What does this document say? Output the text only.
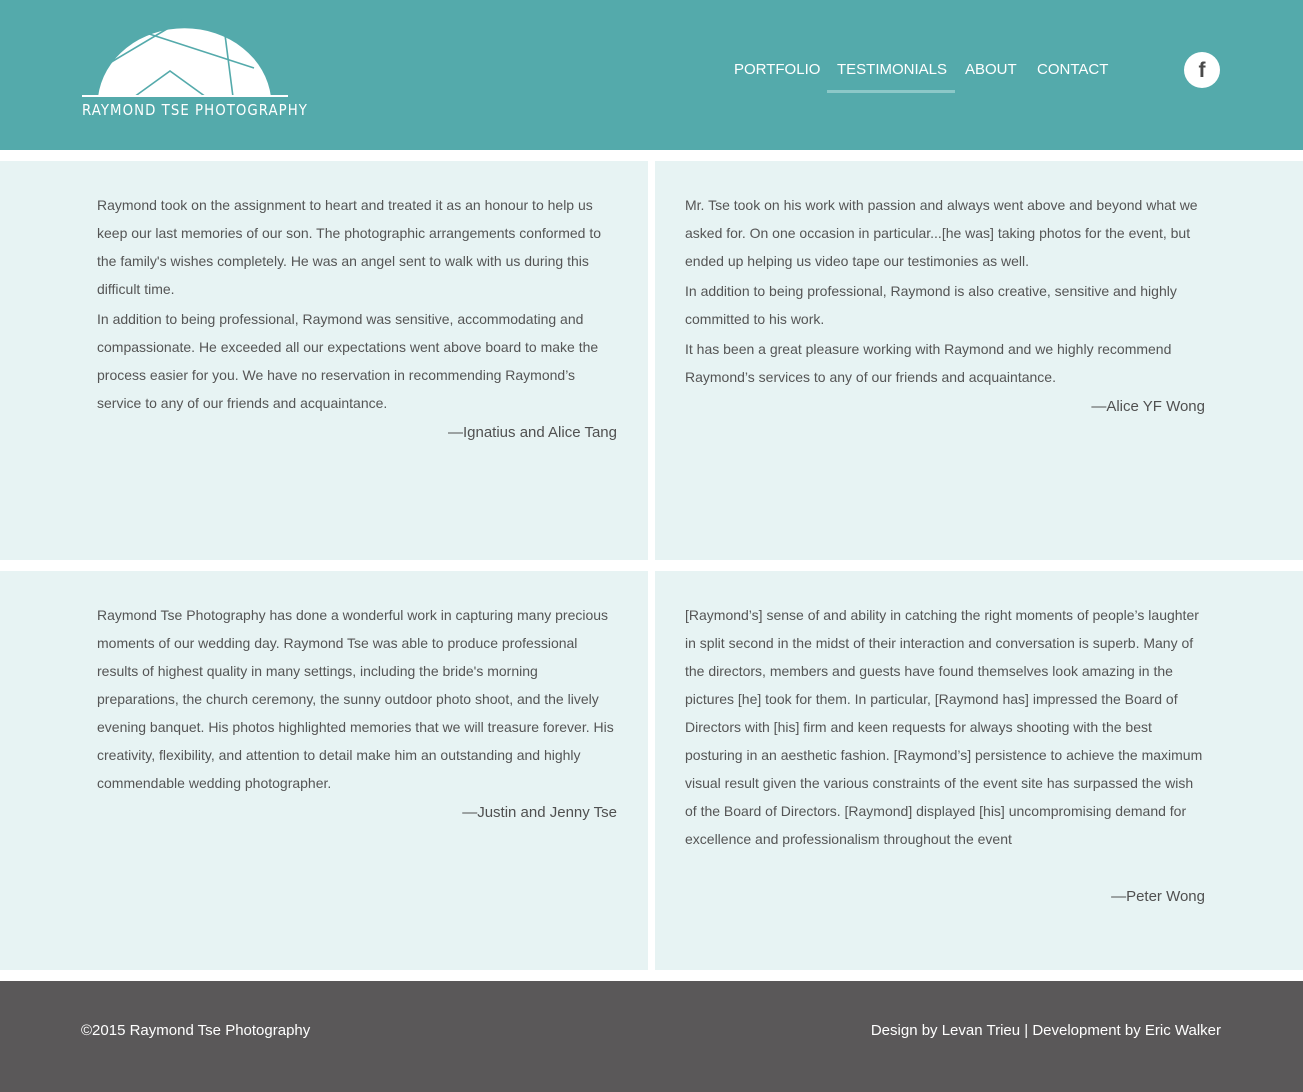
RAYMOND TSE PHOTOGRAPHY
PORTFOLIO TESTIMONIALS ABOUT CONTACT	f

Raymond took on the assignment to heart and treated it as an honour to help us keep our last memories of our son. The photographic arrangements conformed to the family's wishes completely. He was an angel sent to walk with us during this difficult time.

In addition to being professional, Raymond was sensitive, accommodating and compassionate. He exceeded all our expectations went above board to make the process easier for you. We have no reservation in recommending Raymond’s service to any of our friends and acquaintance.

—Ignatius and Alice Tang

Mr. Tse took on his work with passion and always went above and beyond what we asked for. On one occasion in particular...[he was] taking photos for the event, but ended up helping us video tape our testimonies as well.

In addition to being professional, Raymond is also creative, sensitive and highly committed to his work.

It has been a great pleasure working with Raymond and we highly recommend Raymond’s services to any of our friends and acquaintance.

—Alice YF Wong

Raymond Tse Photography has done a wonderful work in capturing many precious moments of our wedding day. Raymond Tse was able to produce professional results of highest quality in many settings, including the bride's morning preparations, the church ceremony, the sunny outdoor photo shoot, and the lively evening banquet. His photos highlighted memories that we will treasure forever. His creativity, flexibility, and attention to detail make him an outstanding and highly commendable wedding photographer.

—Justin and Jenny Tse

[Raymond’s] sense of and ability in catching the right moments of people’s laughter in split second in the midst of their interaction and conversation is superb. Many of the directors, members and guests have found themselves look amazing in the pictures [he] took for them. In particular, [Raymond has] impressed the Board of Directors with [his] firm and keen requests for always shooting with the best posturing in an aesthetic fashion. [Raymond’s] persistence to achieve the maximum visual result given the various constraints of the event site has surpassed the wish of the Board of Directors. [Raymond] displayed [his] uncompromising demand for excellence and professionalism throughout the event

—Peter Wong
©2015 Raymond Tse Photography	Design by Levan Trieu | Development by Eric Walker
